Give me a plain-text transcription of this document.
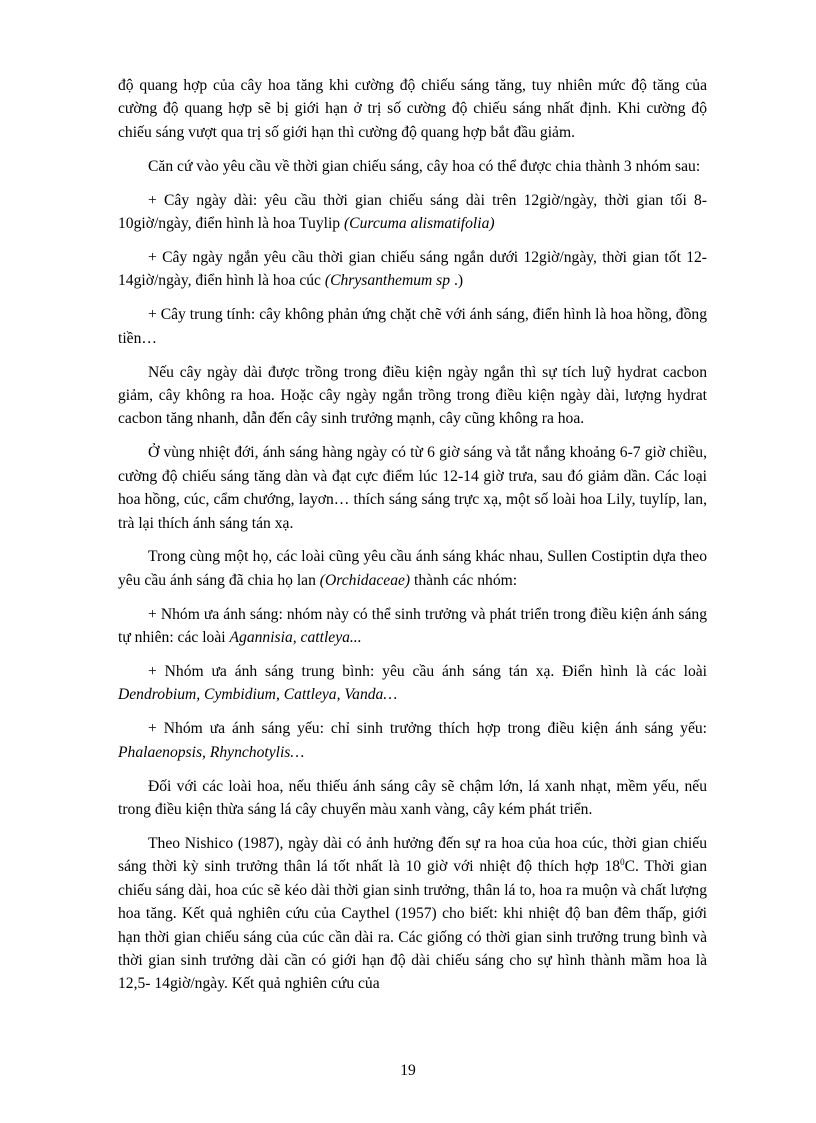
độ quang hợp của cây hoa tăng khi cường độ chiếu sáng tăng, tuy nhiên mức độ tăng của cường độ quang hợp sẽ bị giới hạn ở trị số cường độ chiếu sáng nhất định. Khi cường độ chiếu sáng vượt qua trị số giới hạn thì cường độ quang hợp bắt đầu giảm.

Căn cứ vào yêu cầu về thời gian chiếu sáng, cây hoa có thể được chia thành 3 nhóm sau:

+ Cây ngày dài: yêu cầu thời gian chiếu sáng dài trên 12giờ/ngày, thời gian tối 8-10giờ/ngày, điển hình là hoa Tuylip (Curcuma alismatifolia)

+ Cây ngày ngắn yêu cầu thời gian chiếu sáng ngắn dưới 12giờ/ngày, thời gian tốt 12- 14giờ/ngày, điển hình là hoa cúc (Chrysanthemum sp .)

+ Cây trung tính: cây không phản ứng chặt chẽ với ánh sáng, điển hình là hoa hồng, đồng tiền…

Nếu cây ngày dài được trồng trong điều kiện ngày ngắn thì sự tích luỹ hydrat cacbon giảm, cây không ra hoa. Hoặc cây ngày ngắn trồng trong điều kiện ngày dài, lượng hydrat cacbon tăng nhanh, dẫn đến cây sinh trưởng mạnh, cây cũng không ra hoa.

Ở vùng nhiệt đới, ánh sáng hàng ngày có từ 6 giờ sáng và tắt nắng khoảng 6-7 giờ chiều, cường độ chiếu sáng tăng dàn và đạt cực điểm lúc 12-14 giờ trưa, sau đó giảm dần. Các loại hoa hồng, cúc, cẩm chướng, layơn… thích sáng sáng trực xạ, một số loài hoa Lily, tuylíp, lan, trà lại thích ánh sáng tán xạ.

Trong cùng một họ, các loài cũng yêu cầu ánh sáng khác nhau, Sullen Costiptin dựa theo yêu cầu ánh sáng đã chia họ lan (Orchidaceae) thành các nhóm:

+ Nhóm ưa ánh sáng: nhóm này có thể sinh trưởng và phát triển trong điều kiện ánh sáng tự nhiên: các loài Agannisia, cattleya...

+ Nhóm ưa ánh sáng trung bình: yêu cầu ánh sáng tán xạ. Điển hình là các loài Dendrobium, Cymbidium, Cattleya, Vanda…

+ Nhóm ưa ánh sáng yếu: chỉ sinh trưởng thích hợp trong điều kiện ánh sáng yếu: Phalaenopsis, Rhynchotylis…

Đối với các loài hoa, nếu thiếu ánh sáng cây sẽ chậm lớn, lá xanh nhạt, mềm yếu, nếu trong điều kiện thừa sáng lá cây chuyển màu xanh vàng, cây kém phát triển.

Theo Nishico (1987), ngày dài có ảnh hưởng đến sự ra hoa của hoa cúc, thời gian chiếu sáng thời kỳ sinh trưởng thân lá tốt nhất là 10 giờ với nhiệt độ thích hợp $18^0C$. Thời gian chiếu sáng dài, hoa cúc sẽ kéo dài thời gian sinh trưởng, thân lá to, hoa ra muộn và chất lượng hoa tăng. Kết quả nghiên cứu của Caythel (1957) cho biết: khi nhiệt độ ban đêm thấp, giới hạn thời gian chiếu sáng của cúc cần dài ra. Các giống có thời gian sinh trưởng trung bình và thời gian sinh trưởng dài cần có giới hạn độ dài chiếu sáng cho sự hình thành mầm hoa là 12,5- 14giờ/ngày. Kết quả nghiên cứu của

19
